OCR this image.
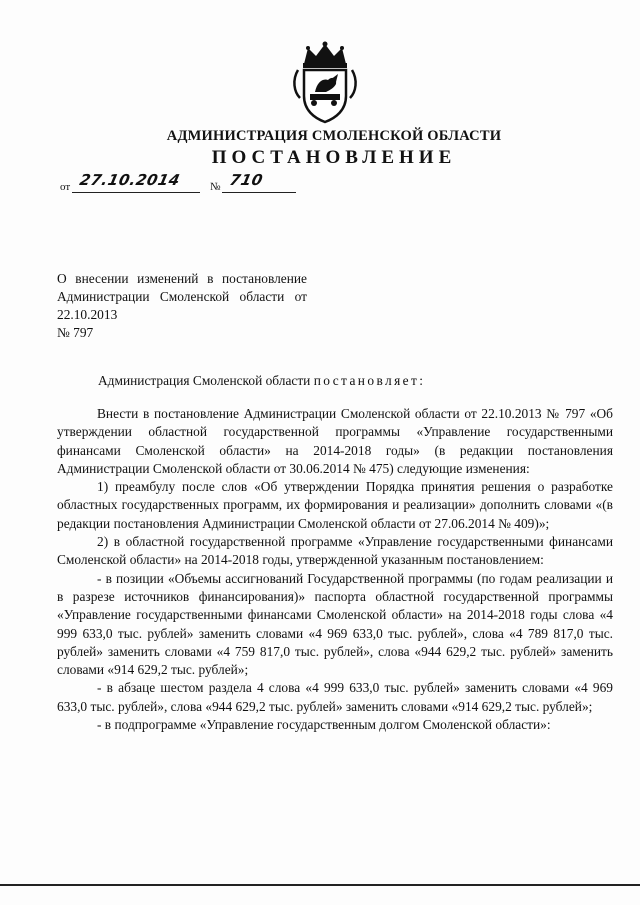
АДМИНИСТРАЦИЯ СМОЛЕНСКОЙ ОБЛАСТИ
ПОСТАНОВЛЕНИЕ
от 27.10.2014	№ 710
О внесении изменений в постановление Администрации Смоленской области от 22.10.2013
№ 797
Администрация Смоленской области постановляет:

Внести в постановление Администрации Смоленской области от 22.10.2013 № 797 «Об утверждении областной государственной программы «Управление государственными финансами Смоленской области» на 2014-2018 годы» (в редакции постановления Администрации Смоленской области от 30.06.2014 № 475) следующие изменения:

1) преамбулу после слов «Об утверждении Порядка принятия решения о разработке областных государственных программ, их формирования и реализации» дополнить словами «(в редакции постановления Администрации Смоленской области от 27.06.2014 № 409)»;

2) в областной государственной программе «Управление государственными финансами Смоленской области» на 2014-2018 годы, утвержденной указанным постановлением:

- в позиции «Объемы ассигнований Государственной программы (по годам реализации и в разрезе источников финансирования)» паспорта областной государственной программы «Управление государственными финансами Смоленской области» на 2014-2018 годы слова «4 999 633,0 тыс. рублей» заменить словами «4 969 633,0 тыс. рублей», слова «4 789 817,0 тыс. рублей» заменить словами «4 759 817,0 тыс. рублей», слова «944 629,2 тыс. рублей» заменить словами «914 629,2 тыс. рублей»;

- в абзаце шестом раздела 4 слова «4 999 633,0 тыс. рублей» заменить словами «4 969 633,0 тыс. рублей», слова «944 629,2 тыс. рублей» заменить словами «914 629,2 тыс. рублей»;

- в подпрограмме «Управление государственным долгом Смоленской области»:
